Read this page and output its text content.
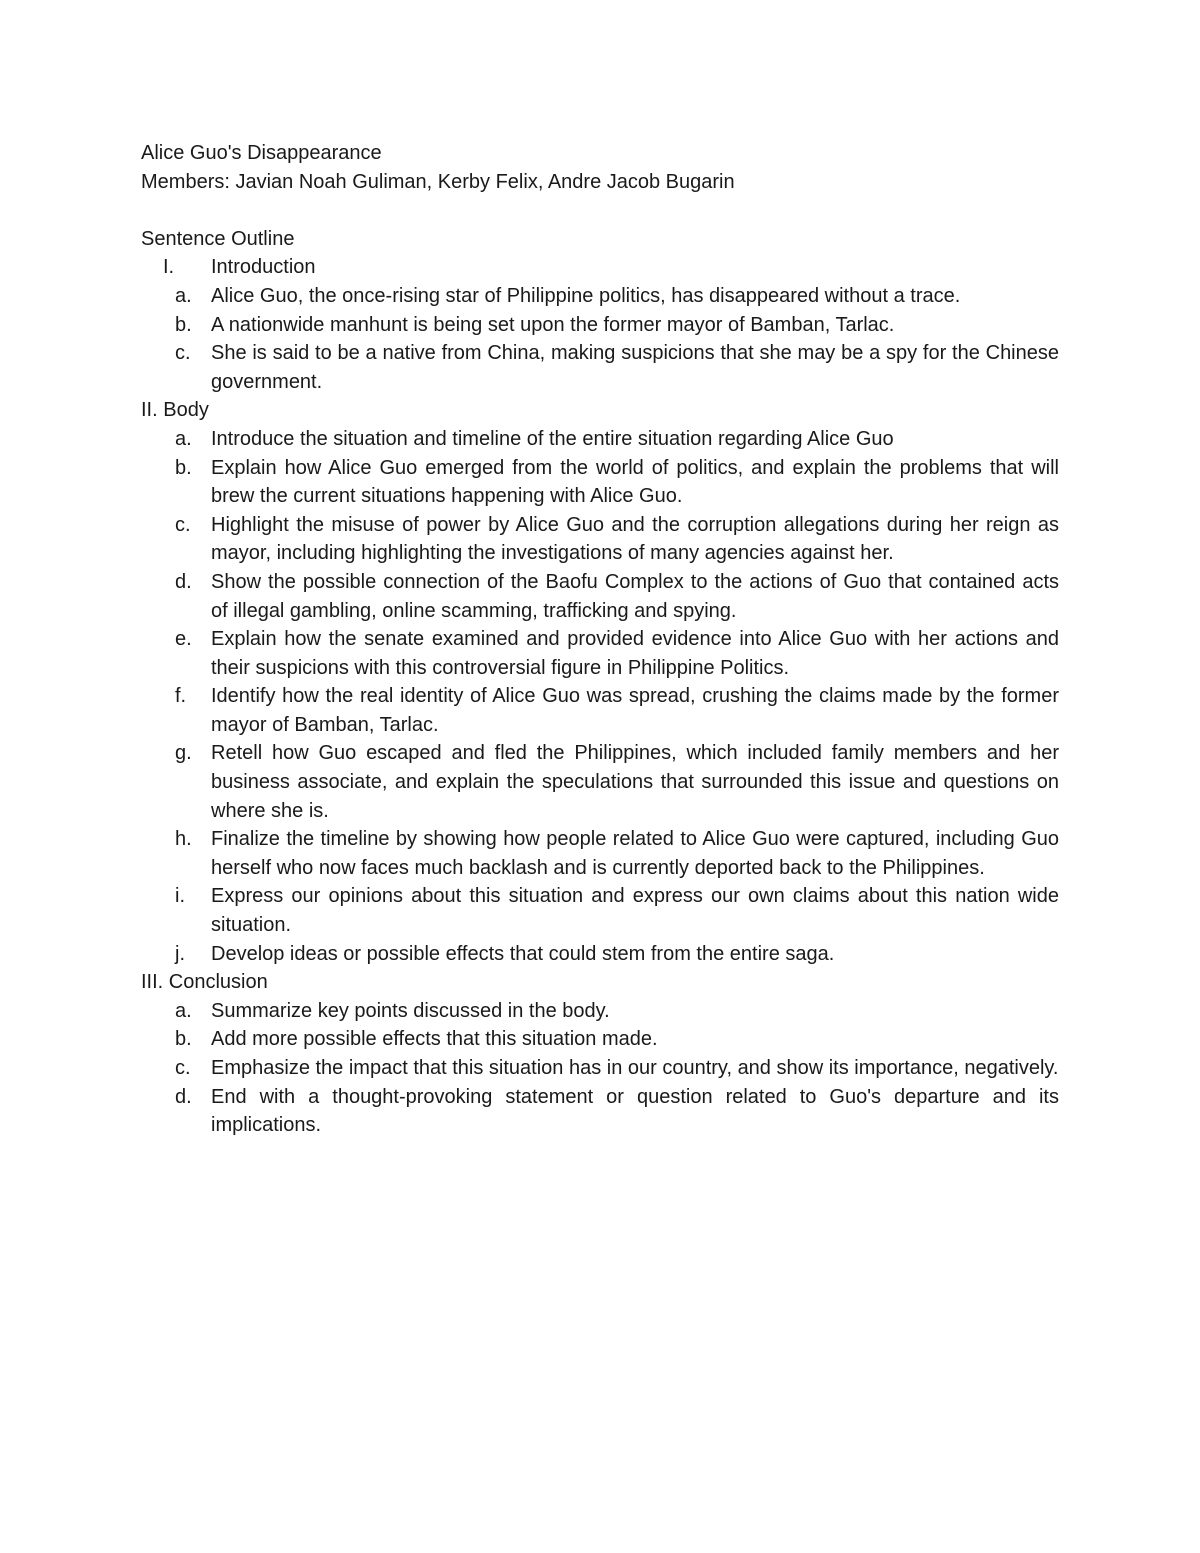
Alice Guo's Disappearance

Members: Javian Noah Guliman, Kerby Felix, Andre Jacob Bugarin

Sentence Outline

I.	Introduction
a. Alice Guo, the once-rising star of Philippine politics, has disappeared without a trace.
b. A nationwide manhunt is being set upon the former mayor of Bamban, Tarlac.
c.	She is said to be a native from China, making suspicions that she may be a spy for the Chinese government.

II. Body

a. Introduce the situation and timeline of the entire situation regarding Alice Guo
b. Explain how Alice Guo emerged from the world of politics, and explain the problems that will brew the current situations happening with Alice Guo.
c.	Highlight the misuse of power by Alice Guo and the corruption allegations during her reign as mayor, including highlighting the investigations of many agencies against her.
d. Show the possible connection of the Baofu Complex to the actions of Guo that contained acts of illegal gambling, online scamming, trafficking and spying.
e. Explain how the senate examined and provided evidence into Alice Guo with her actions and their suspicions with this controversial figure in Philippine Politics.
f.	Identify how the real identity of Alice Guo was spread, crushing the claims made by the former mayor of Bamban, Tarlac.
g. Retell how Guo escaped and fled the Philippines, which included family members and her business associate, and explain the speculations that surrounded this issue and questions on where she is.
h. Finalize the timeline by showing how people related to Alice Guo were captured, including Guo herself who now faces much backlash and is currently deported back to the Philippines.
i.	Express our opinions about this situation and express our own claims about this nation wide situation.
j.	Develop ideas or possible effects that could stem from the entire saga.

III. Conclusion

a. Summarize key points discussed in the body.
b. Add more possible effects that this situation made.
c.	Emphasize the impact that this situation has in our country, and show its importance, negatively.
d. End with a thought-provoking statement or question related to Guo's departure and its implications.
